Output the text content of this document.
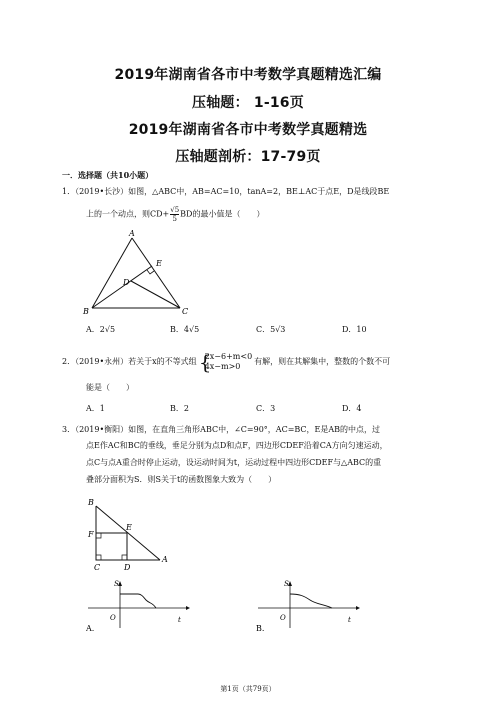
2019年湖南省各市中考数学真题精选汇编
压轴题： 1-16页
2019年湖南省各市中考数学真题精选
压轴题剖析：17-79页
一．选择题（共10小题）
1．（2019•长沙）如图，△ABC中，AB=AC=10，tanA=2，BE⊥AC于点E，D是线段BE
上的一个动点，则$CD+ \frac{√5}{5}$ BD的最小值是（　　）
A
B	C
D
E
A．2√5	B．4√5	C．5√3	D．10
2．（2019•永州）若关于x的不等式组 {
2x−6+m<0
4x−m>0
有解，则在其解集中，整数的个数不可
能是（　　）
A．1	B．2	C．3	D．4
3．（2019•衡阳）如图，在直角三角形ABC中，∠C=90°，AC=BC，E是AB的中点，过
点E作AC和BC的垂线，垂足分别为点D和点F，四边形CDEF沿着CA方向匀速运动，
点C与点A重合时停止运动，设运动时间为t，运动过程中四边形CDEF与△ABC的重
叠部分面积为S．则S关于t的函数图象大致为（　　）
B
F
E
C	D
A
S
t
O
A.
S
t
O
B.
第1页（共79页）
